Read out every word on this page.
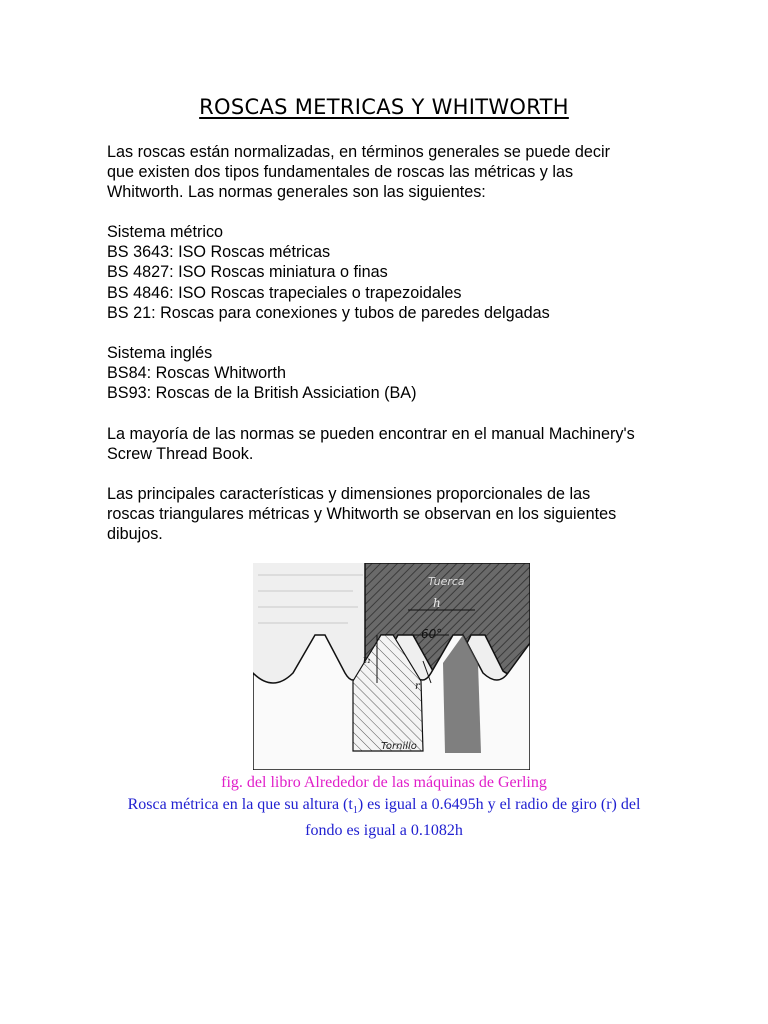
ROSCAS METRICAS Y WHITWORTH

Las roscas están normalizadas, en términos generales se puede decir

que existen dos tipos fundamentales de roscas las métricas y las

Whitworth. Las normas generales son las siguientes:

Sistema métrico

BS 3643: ISO Roscas métricas

BS 4827: ISO Roscas miniatura o finas

BS 4846: ISO Roscas trapeciales o trapezoidales

BS 21: Roscas para conexiones y tubos de paredes delgadas

Sistema inglés

BS84: Roscas Whitworth

BS93: Roscas de la British Assiciation (BA)

La mayoría de las normas se pueden encontrar en el manual Machinery's

Screw Thread Book.

Las principales características y dimensiones proporcionales de las

roscas triangulares métricas y Whitworth se observan en los siguientes

dibujos.

Tuerca
h
60°
t₁
r
Tornillo
fig. del libro Alrededor de las máquinas de Gerling
Rosca métrica en la que su altura $(t_1)$ es igual a 0.6495h y el radio de giro (r) del
fondo es igual a 0.1082h
